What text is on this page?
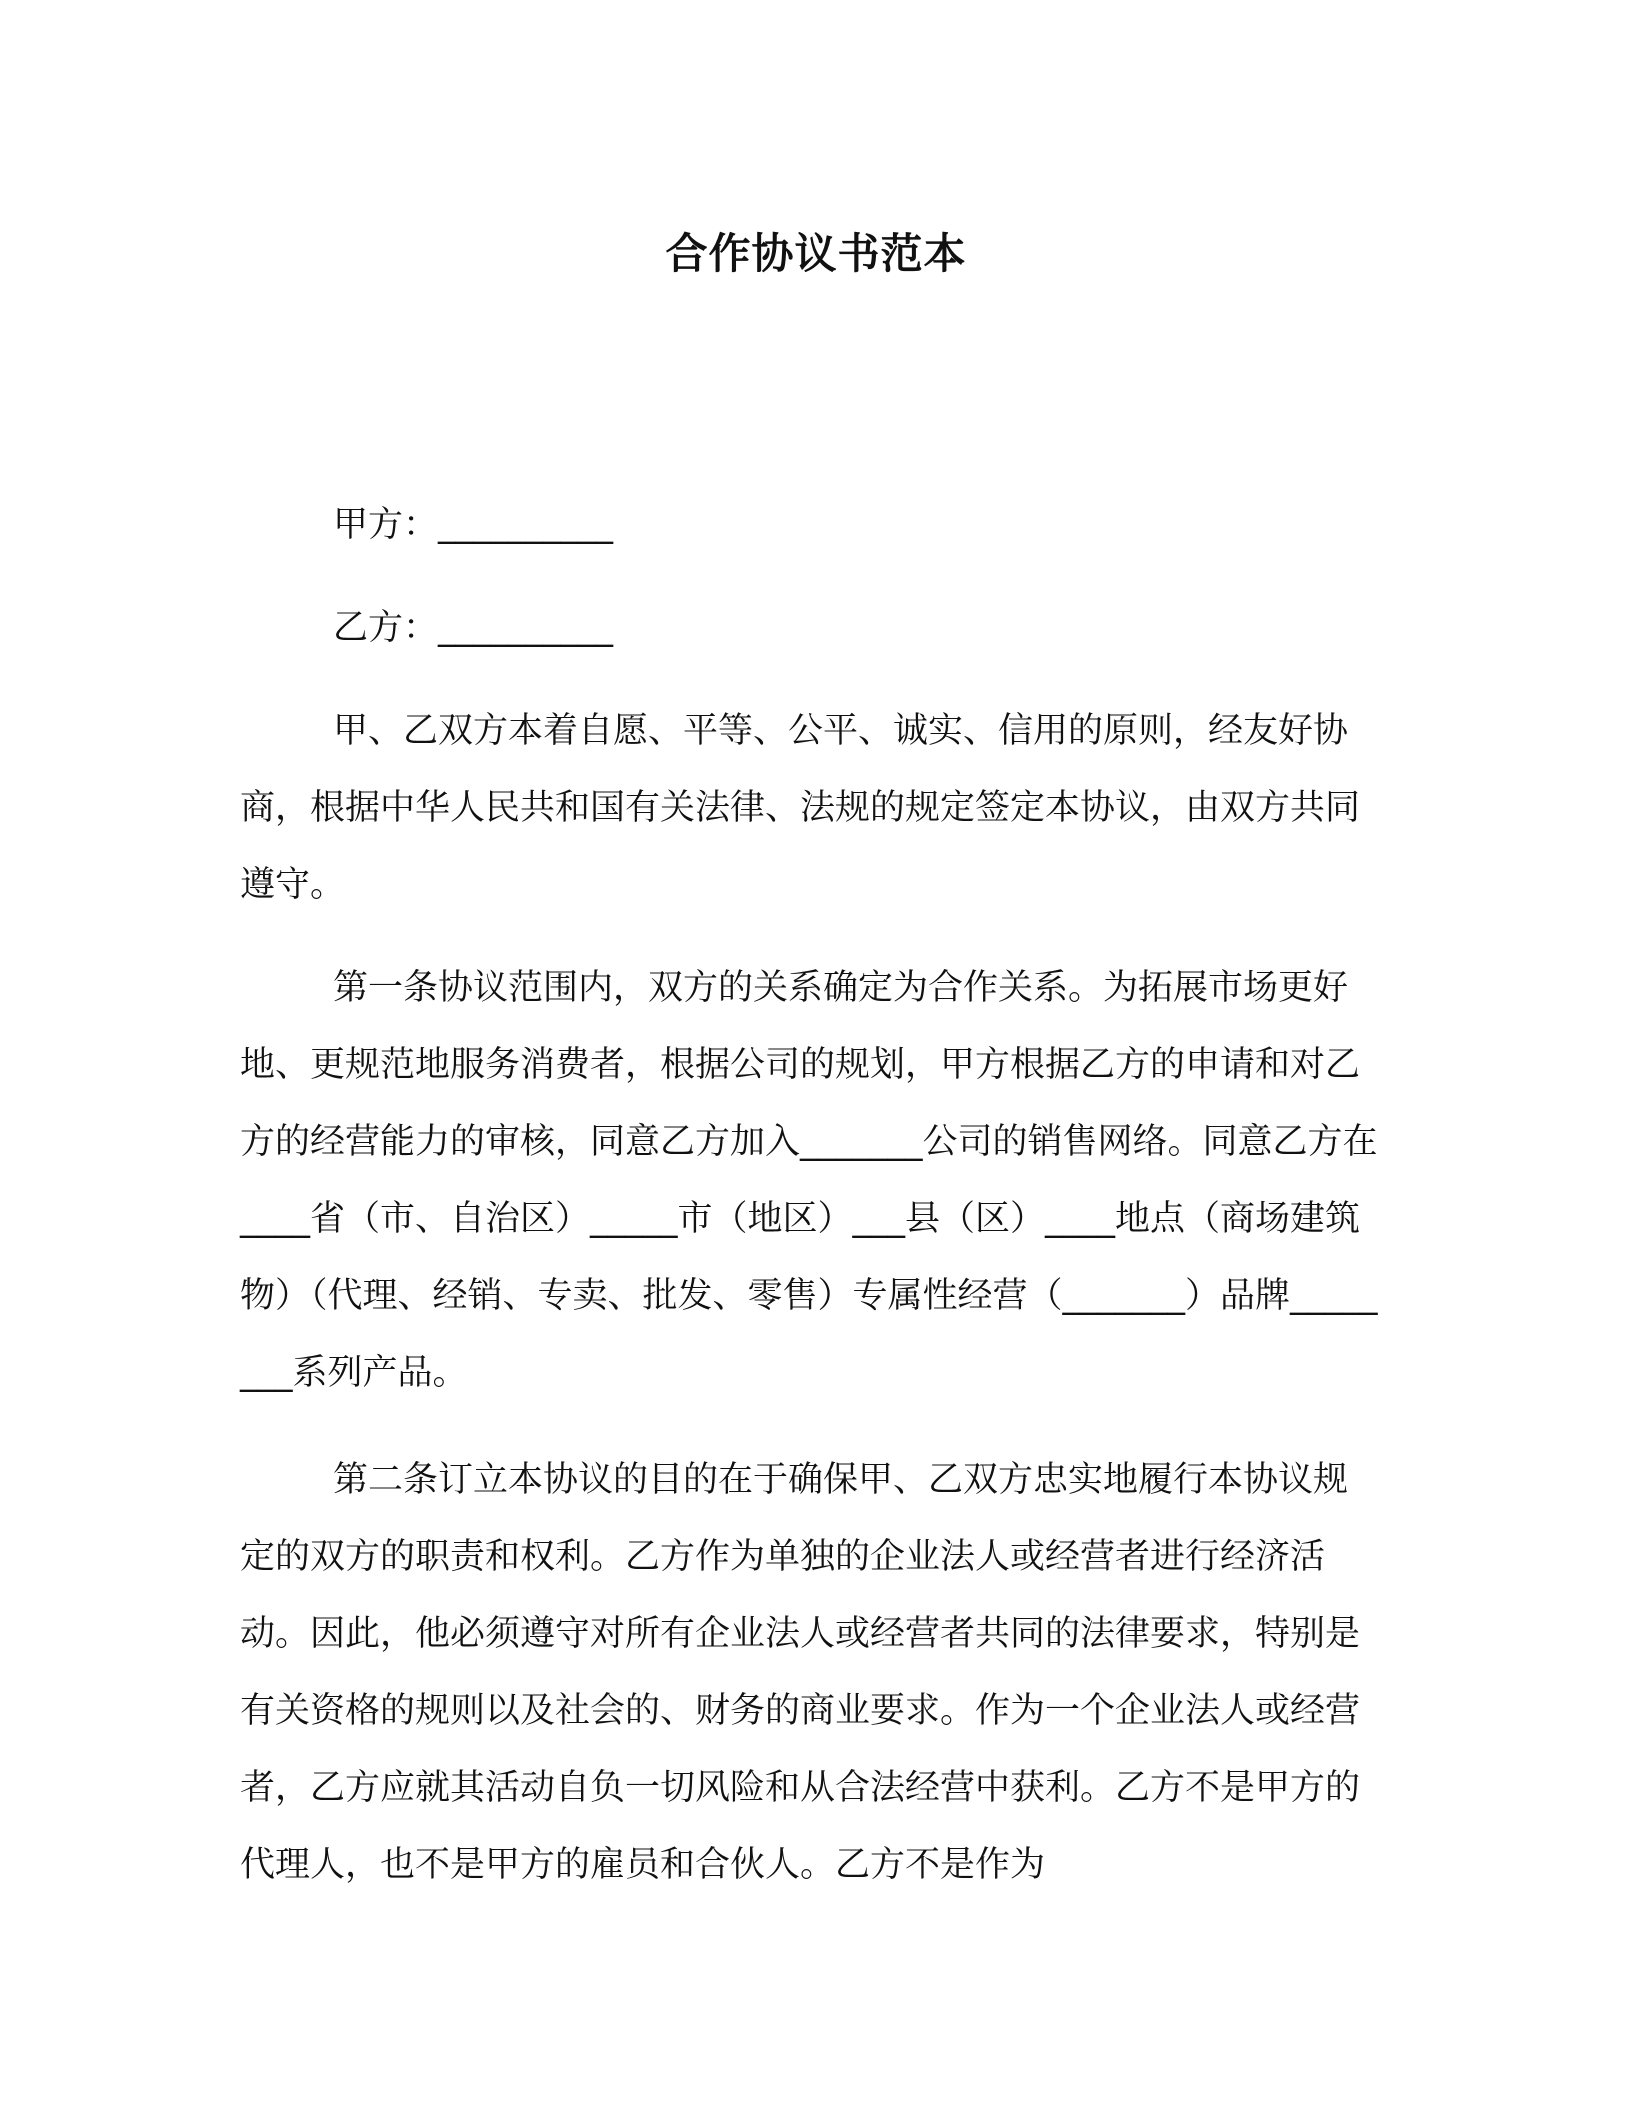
合作协议书范本
甲方：__________
乙方：__________

甲、乙双方本着自愿、平等、公平、诚实、信用的原则，经友好协商，根据中华人民共和国有关法律、法规的规定签定本协议，由双方共同遵守。

第一条协议范围内，双方的关系确定为合作关系。为拓展市场更好地、更规范地服务消费者，根据公司的规划，甲方根据乙方的申请和对乙方的经营能力的审核，同意乙方加入_______公司的销售网络。同意乙方在____省（市、自治区）_____市（地区）___县（区）____地点（商场建筑物）（代理、经销、专卖、批发、零售）专属性经营（_______）品牌________系列产品。

第二条订立本协议的目的在于确保甲、乙双方忠实地履行本协议规定的双方的职责和权利。乙方作为单独的企业法人或经营者进行经济活动。因此，他必须遵守对所有企业法人或经营者共同的法律要求，特别是有关资格的规则以及社会的、财务的商业要求。作为一个企业法人或经营者，乙方应就其活动自负一切风险和从合法经营中获利。乙方不是甲方的代理人，也不是甲方的雇员和合伙人。乙方不是作为
